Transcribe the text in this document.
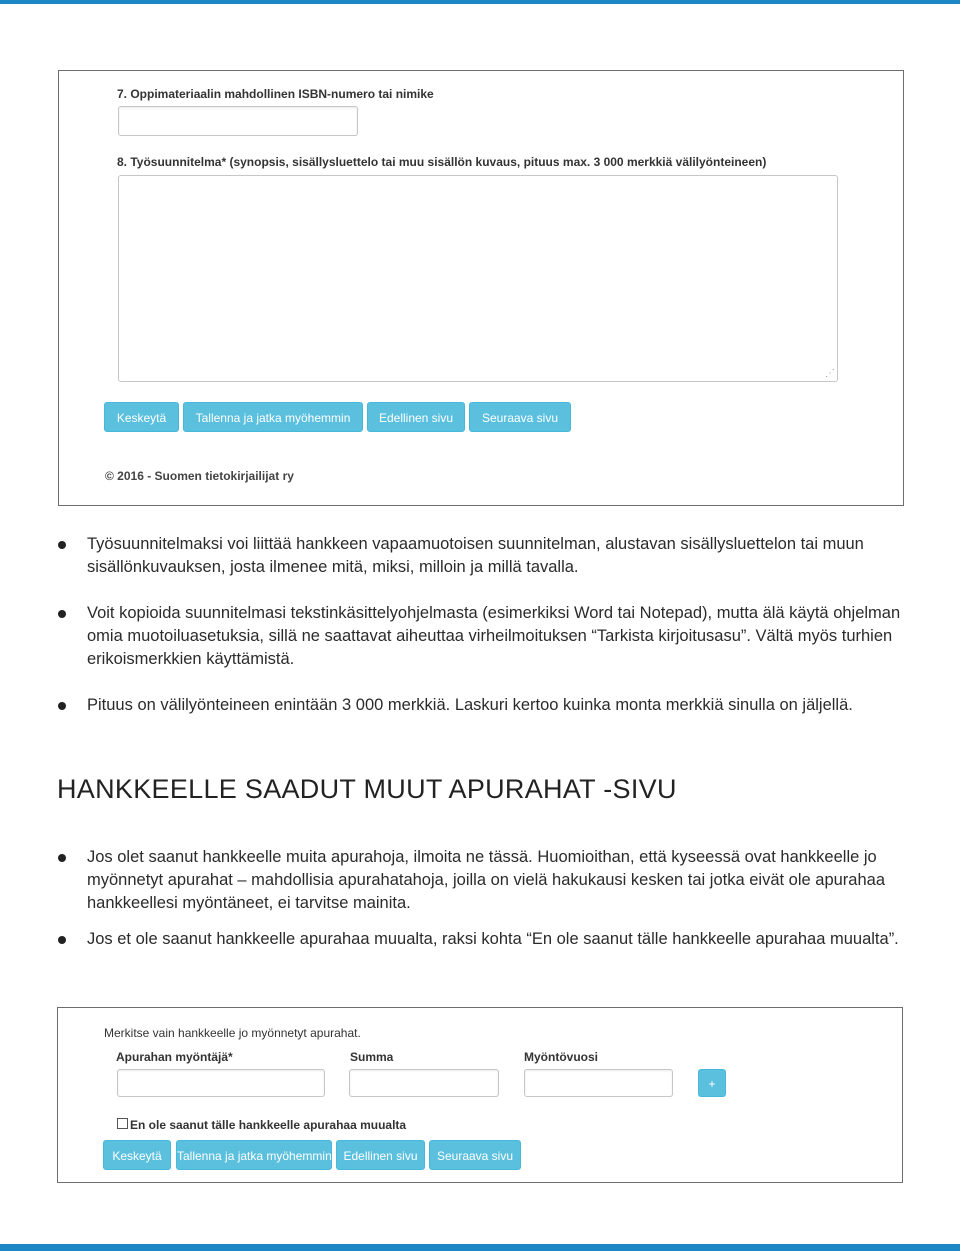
7. Oppimateriaalin mahdollinen ISBN-numero tai nimike
8. Työsuunnitelma* (synopsis, sisällysluettelo tai muu sisällön kuvaus, pituus max. 3 000 merkkiä välilyönteineen)
⋰
Keskeytä	Tallenna ja jatka myöhemmin	Edellinen sivu	Seuraava sivu
© 2016 - Suomen tietokirjailijat ry
Työsuunnitelmaksi voi liittää hankkeen vapaamuotoisen suunnitelman, alustavan sisällysluettelon tai muun sisällönkuvauksen, josta ilmenee mitä, miksi, milloin ja millä tavalla.
Voit kopioida suunnitelmasi tekstinkäsittelyohjelmasta (esimerkiksi Word tai Notepad), mutta älä käytä ohjelman omia muotoiluasetuksia, sillä ne saattavat aiheuttaa virheilmoituksen “Tarkista kirjoitusasu”. Vältä myös turhien erikoismerkkien käyttämistä.
Pituus on välilyönteineen enintään 3 000 merkkiä. Laskuri kertoo kuinka monta merkkiä sinulla on jäljellä.
HANKKEELLE SAADUT MUUT APURAHAT -SIVU
Jos olet saanut hankkeelle muita apurahoja, ilmoita ne tässä. Huomioithan, että kyseessä ovat hankkeelle jo myönnetyt apurahat – mahdollisia apurahatahoja, joilla on vielä hakukausi kesken tai jotka eivät ole apurahaa hankkeellesi myöntäneet, ei tarvitse mainita.
Jos et ole saanut hankkeelle apurahaa muualta, raksi kohta “En ole saanut tälle hankkeelle apurahaa muualta”.
Merkitse vain hankkeelle jo myönnetyt apurahat.
Apurahan myöntäjä*	Summa	Myöntövuosi
+
En ole saanut tälle hankkeelle apurahaa muualta
Keskeytä	Tallenna ja jatka myöhemmin Edellinen sivu	Seuraava sivu
